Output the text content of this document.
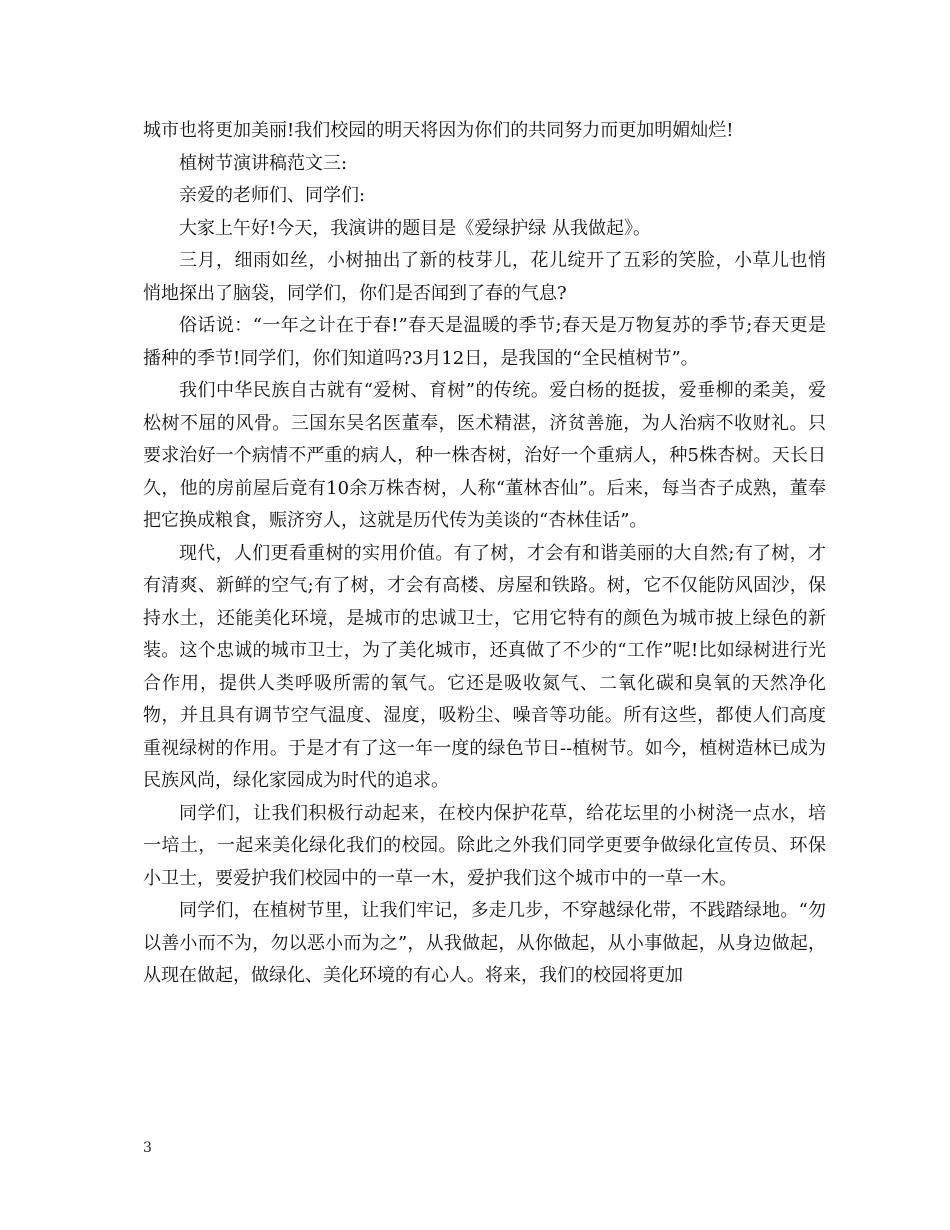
城市也将更加美丽!我们校园的明天将因为你们的共同努力而更加明媚灿烂!

植树节演讲稿范文三:

亲爱的老师们、同学们:

大家上午好!今天，我演讲的题目是《爱绿护绿 从我做起》。

三月，细雨如丝，小树抽出了新的枝芽儿，花儿绽开了五彩的笑脸，小草儿也悄悄地探出了脑袋，同学们，你们是否闻到了春的气息?

俗话说：“一年之计在于春!”春天是温暖的季节;春天是万物复苏的季节;春天更是播种的季节!同学们，你们知道吗?3月12日，是我国的“全民植树节”。

我们中华民族自古就有“爱树、育树”的传统。爱白杨的挺拔，爱垂柳的柔美，爱松树不屈的风骨。三国东吴名医董奉，医术精湛，济贫善施，为人治病不收财礼。只要求治好一个病情不严重的病人，种一株杏树，治好一个重病人，种5株杏树。天长日久，他的房前屋后竟有10余万株杏树，人称“董林杏仙”。后来，每当杏子成熟，董奉把它换成粮食，赈济穷人，这就是历代传为美谈的“杏林佳话”。

现代，人们更看重树的实用价值。有了树，才会有和谐美丽的大自然;有了树，才有清爽、新鲜的空气;有了树，才会有高楼、房屋和铁路。树，它不仅能防风固沙，保持水土，还能美化环境，是城市的忠诚卫士，它用它特有的颜色为城市披上绿色的新装。这个忠诚的城市卫士，为了美化城市，还真做了不少的“工作”呢!比如绿树进行光合作用，提供人类呼吸所需的氧气。它还是吸收氮气、二氧化碳和臭氧的天然净化物，并且具有调节空气温度、湿度，吸粉尘、噪音等功能。所有这些，都使人们高度重视绿树的作用。于是才有了这一年一度的绿色节日--植树节。如今，植树造林已成为民族风尚，绿化家园成为时代的追求。

同学们，让我们积极行动起来，在校内保护花草，给花坛里的小树浇一点水，培一培土，一起来美化绿化我们的校园。除此之外我们同学更要争做绿化宣传员、环保小卫士，要爱护我们校园中的一草一木，爱护我们这个城市中的一草一木。

同学们，在植树节里，让我们牢记，多走几步，不穿越绿化带，不践踏绿地。“勿以善小而不为，勿以恶小而为之”，从我做起，从你做起，从小事做起，从身边做起，从现在做起，做绿化、美化环境的有心人。将来，我们的校园将更加

3
